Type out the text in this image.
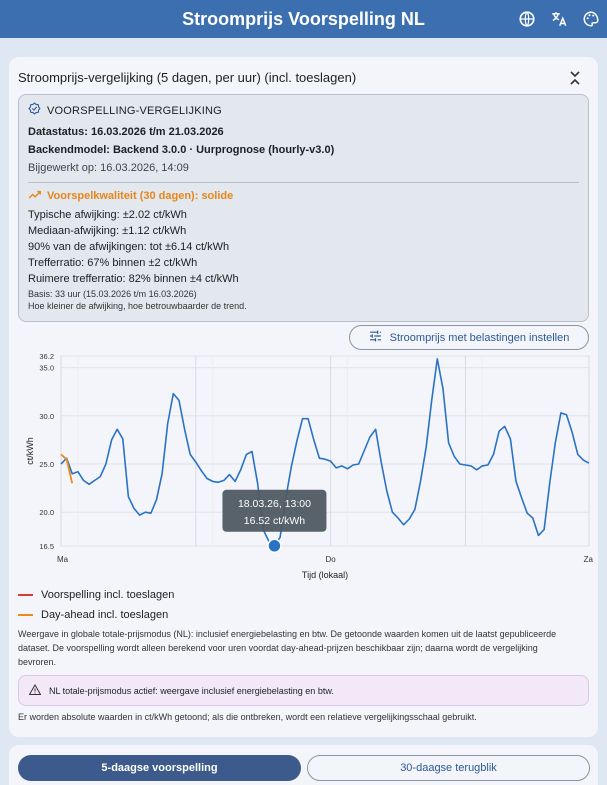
Stroomprijs Voorspelling NL
Stroomprijs-vergelijking (5 dagen, per uur) (incl. toeslagen)
VOORSPELLING-VERGELIJKING
Datastatus: 16.03.2026 t/m 21.03.2026
Backendmodel: Backend 3.0.0 · Uurprognose (hourly-v3.0)
Bijgewerkt op: 16.03.2026, 14:09
Voorspelkwaliteit (30 dagen): solide
Typische afwijking: ±2.02 ct/kWh
Mediaan-afwijking: ±1.12 ct/kWh
90% van de afwijkingen: tot ±6.14 ct/kWh
Trefferratio: 67% binnen ±2 ct/kWh
Ruimere trefferratio: 82% binnen ±4 ct/kWh
Basis: 33 uur (15.03.2026 t/m 16.03.2026)
Hoe kleiner de afwijking, hoe betrouwbaarder de trend.
Stroomprijs met belastingen instellen
36.2
35.0
30.0
25.0
20.0
16.5
Ma	Do	Za
Tijd (lokaal)
ct/kWh
18.03.26, 13:00
16.52 ct/kWh
Voorspelling incl. toeslagen
Day-ahead incl. toeslagen
Weergave in globale totale-prijsmodus (NL): inclusief energiebelasting en btw. De getoonde waarden komen uit de laatst gepubliceerde dataset. De voorspelling wordt alleen berekend voor uren voordat day-ahead-prijzen beschikbaar zijn; daarna wordt de vergelijking bevroren.
NL totale-prijsmodus actief: weergave inclusief energiebelasting en btw.
Er worden absolute waarden in ct/kWh getoond; als die ontbreken, wordt een relatieve vergelijkingsschaal gebruikt.
5-daagse voorspelling	30-daagse terugblik
